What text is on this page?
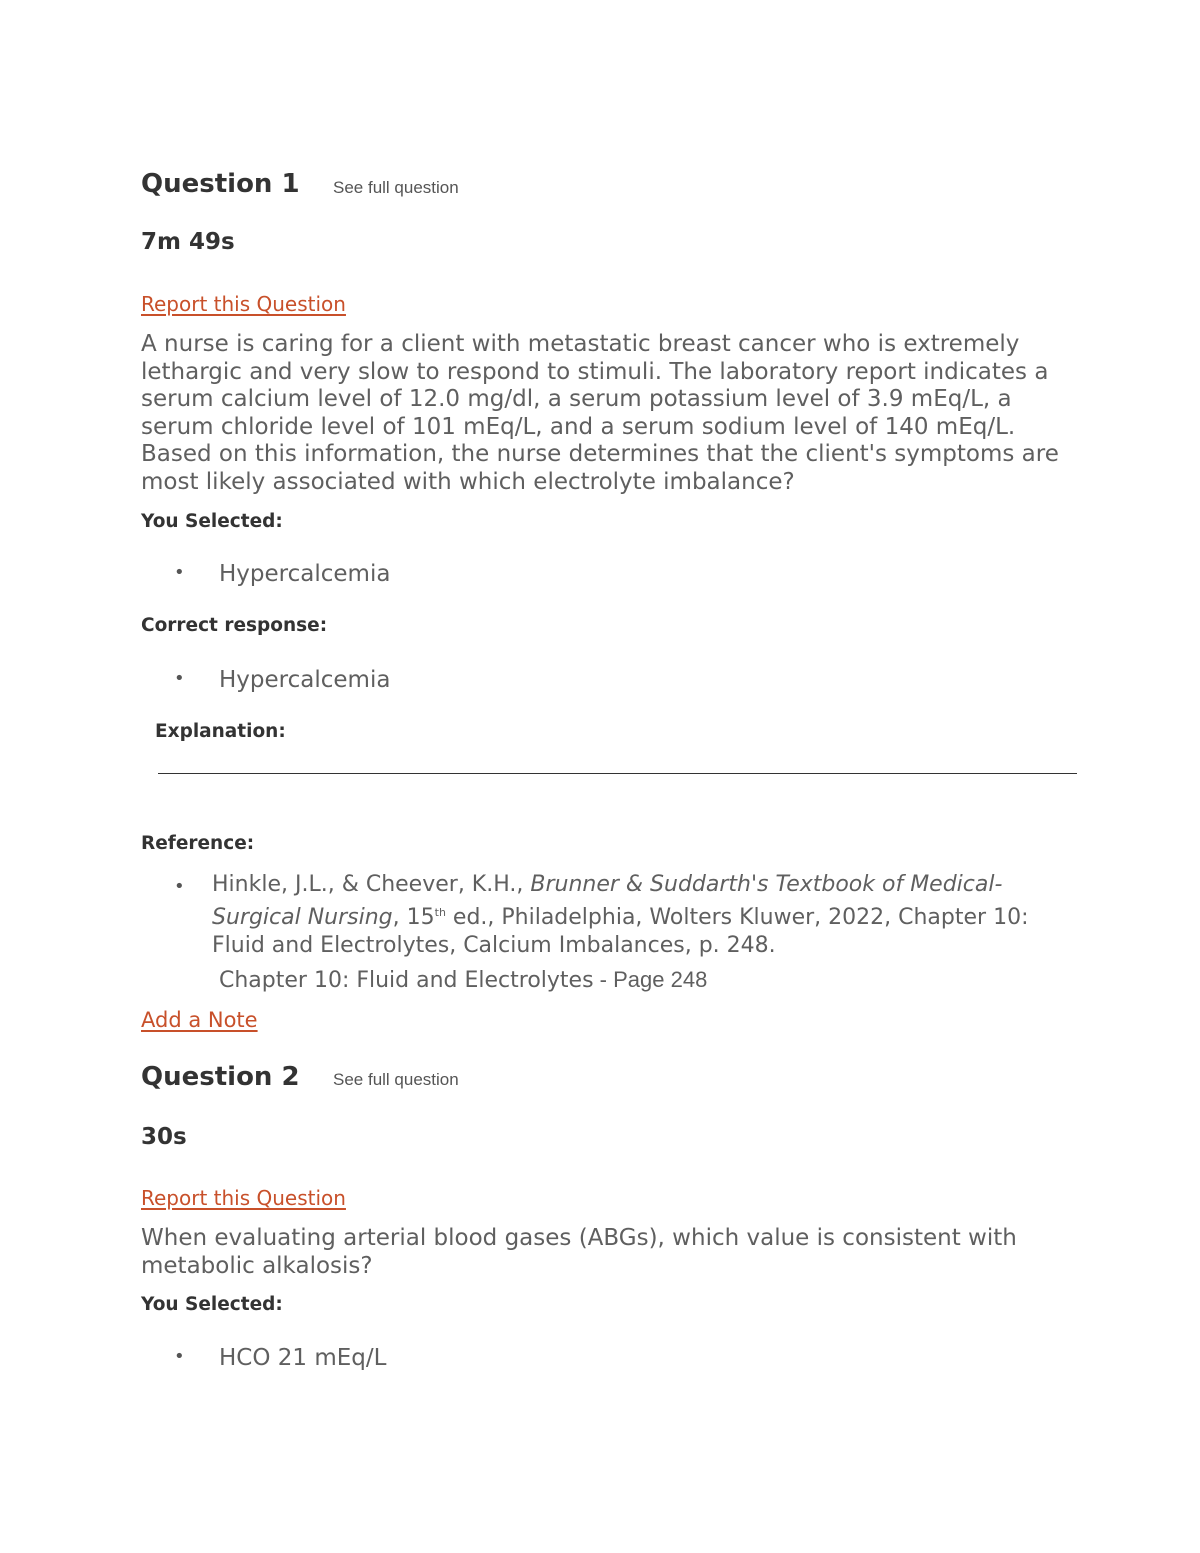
Question 1 See full question
7m 49s
Report this Question
A nurse is caring for a client with metastatic breast cancer who is extremely lethargic and very slow to respond to stimuli. The laboratory report indicates a serum calcium level of 12.0 mg/dl, a serum potassium level of 3.9 mEq/L, a serum chloride level of 101 mEq/L, and a serum sodium level of 140 mEq/L. Based on this information, the nurse determines that the client's symptoms are most likely associated with which electrolyte imbalance?
You Selected:
• Hypercalcemia
Correct response:
• Hypercalcemia
Explanation:
Reference:
• Hinkle, J.L., & Cheever, K.H., Brunner & Suddarth's Textbook of Medical-Surgical Nursing, 15th ed., Philadelphia, Wolters Kluwer, 2022, Chapter 10: Fluid and Electrolytes, Calcium Imbalances, p. 248.
Chapter 10: Fluid and Electrolytes - Page 248
Add a Note
Question 2 See full question
30s
Report this Question
When evaluating arterial blood gases (ABGs), which value is consistent with metabolic alkalosis?
You Selected:
• HCO 21 mEq/L
